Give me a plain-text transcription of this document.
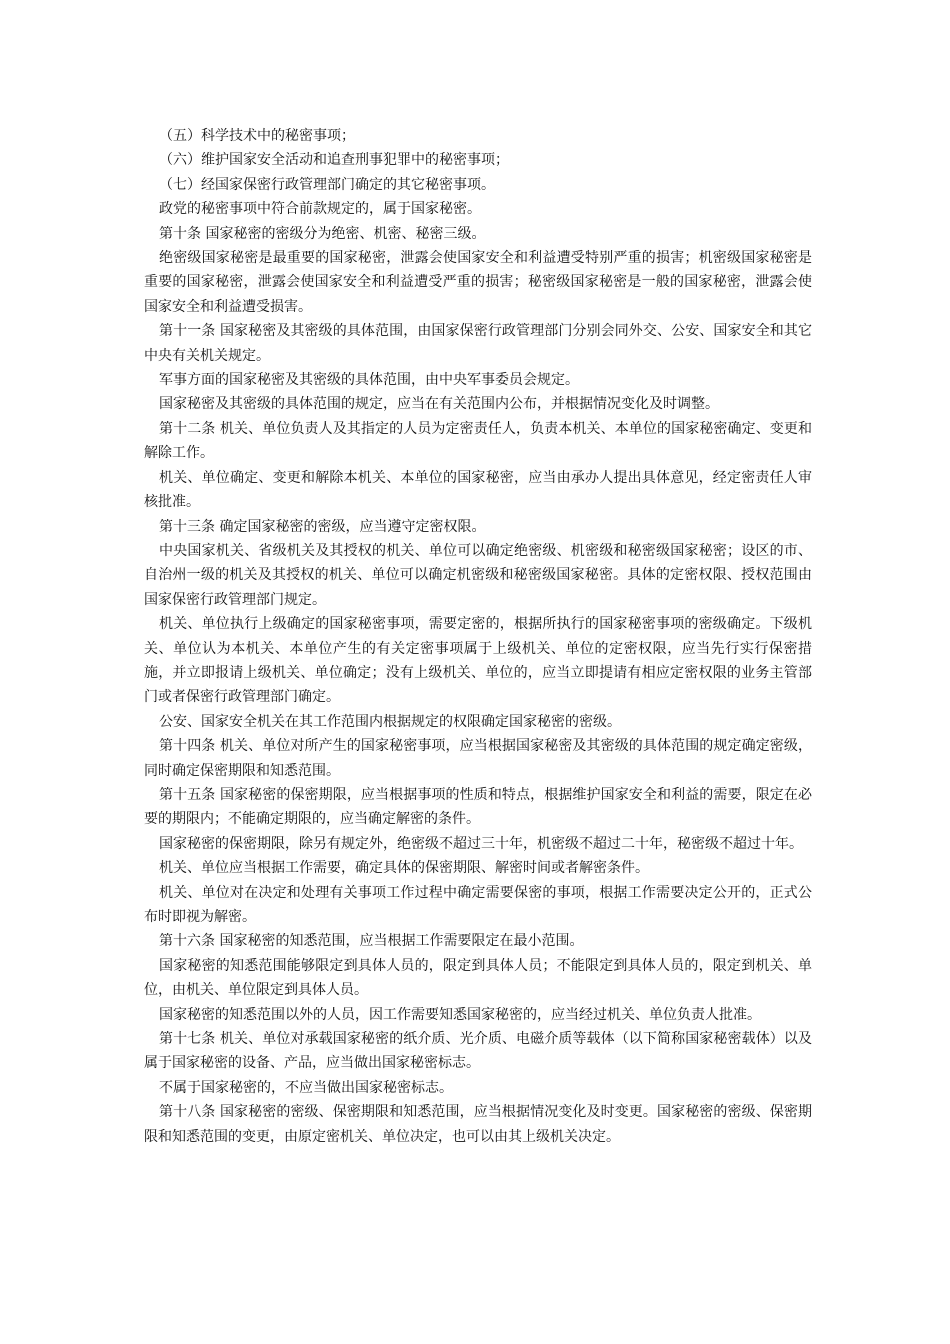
（五）科学技术中的秘密事项；

（六）维护国家安全活动和追查刑事犯罪中的秘密事项；

（七）经国家保密行政管理部门确定的其它秘密事项。

政党的秘密事项中符合前款规定的，属于国家秘密。

第十条 国家秘密的密级分为绝密、机密、秘密三级。

绝密级国家秘密是最重要的国家秘密，泄露会使国家安全和利益遭受特别严重的损害；机密级国家秘密是重要的国家秘密，泄露会使国家安全和利益遭受严重的损害；秘密级国家秘密是一般的国家秘密，泄露会使国家安全和利益遭受损害。

第十一条 国家秘密及其密级的具体范围，由国家保密行政管理部门分别会同外交、公安、国家安全和其它中央有关机关规定。

军事方面的国家秘密及其密级的具体范围，由中央军事委员会规定。

国家秘密及其密级的具体范围的规定，应当在有关范围内公布，并根据情况变化及时调整。

第十二条 机关、单位负责人及其指定的人员为定密责任人，负责本机关、本单位的国家秘密确定、变更和解除工作。

机关、单位确定、变更和解除本机关、本单位的国家秘密，应当由承办人提出具体意见，经定密责任人审核批准。

第十三条 确定国家秘密的密级，应当遵守定密权限。

中央国家机关、省级机关及其授权的机关、单位可以确定绝密级、机密级和秘密级国家秘密；设区的市、自治州一级的机关及其授权的机关、单位可以确定机密级和秘密级国家秘密。具体的定密权限、授权范围由国家保密行政管理部门规定。

机关、单位执行上级确定的国家秘密事项，需要定密的，根据所执行的国家秘密事项的密级确定。下级机关、单位认为本机关、本单位产生的有关定密事项属于上级机关、单位的定密权限，应当先行实行保密措施，并立即报请上级机关、单位确定；没有上级机关、单位的，应当立即提请有相应定密权限的业务主管部门或者保密行政管理部门确定。

公安、国家安全机关在其工作范围内根据规定的权限确定国家秘密的密级。

第十四条 机关、单位对所产生的国家秘密事项，应当根据国家秘密及其密级的具体范围的规定确定密级，同时确定保密期限和知悉范围。

第十五条 国家秘密的保密期限，应当根据事项的性质和特点，根据维护国家安全和利益的需要，限定在必要的期限内；不能确定期限的，应当确定解密的条件。

国家秘密的保密期限，除另有规定外，绝密级不超过三十年，机密级不超过二十年，秘密级不超过十年。

机关、单位应当根据工作需要，确定具体的保密期限、解密时间或者解密条件。

机关、单位对在决定和处理有关事项工作过程中确定需要保密的事项，根据工作需要决定公开的，正式公布时即视为解密。

第十六条 国家秘密的知悉范围，应当根据工作需要限定在最小范围。

国家秘密的知悉范围能够限定到具体人员的，限定到具体人员；不能限定到具体人员的，限定到机关、单位，由机关、单位限定到具体人员。

国家秘密的知悉范围以外的人员，因工作需要知悉国家秘密的，应当经过机关、单位负责人批准。

第十七条 机关、单位对承载国家秘密的纸介质、光介质、电磁介质等载体（以下简称国家秘密载体）以及属于国家秘密的设备、产品，应当做出国家秘密标志。

不属于国家秘密的，不应当做出国家秘密标志。

第十八条 国家秘密的密级、保密期限和知悉范围，应当根据情况变化及时变更。国家秘密的密级、保密期限和知悉范围的变更，由原定密机关、单位决定，也可以由其上级机关决定。
